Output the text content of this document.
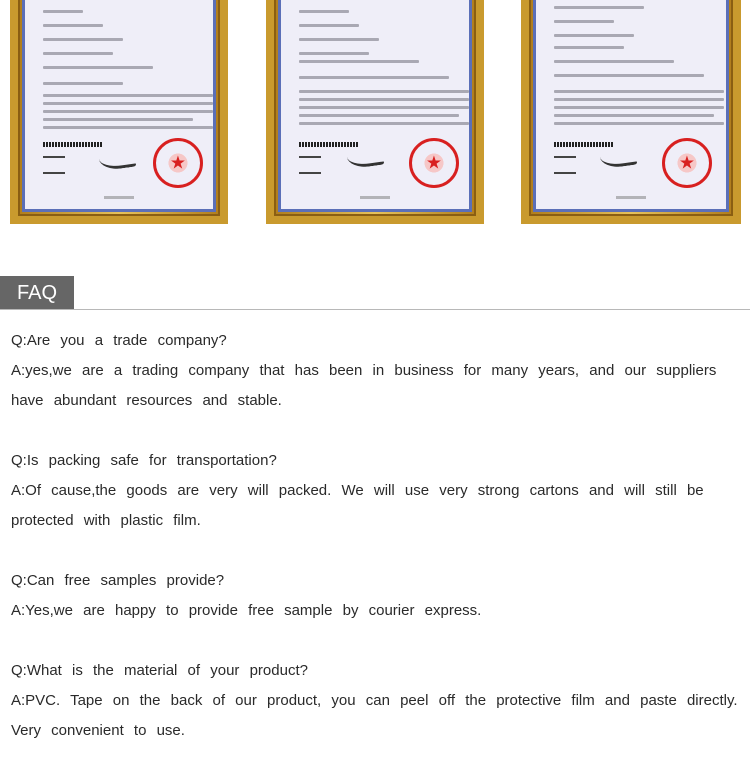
★
★
★
FAQ

Q:Are you a trade company?

A:yes,we are a trading company that has been in business for many years, and our suppliers have abundant resources and stable.

Q:Is packing safe for transportation?

A:Of cause,the goods are very will packed. We will use very strong cartons and will still be protected with plastic film.

Q:Can free samples provide?

A:Yes,we are happy to provide free sample by courier express.

Q:What is the material of your product?

A:PVC. Tape on the back of our product, you can peel off the protective film and paste directly. Very convenient to use.
